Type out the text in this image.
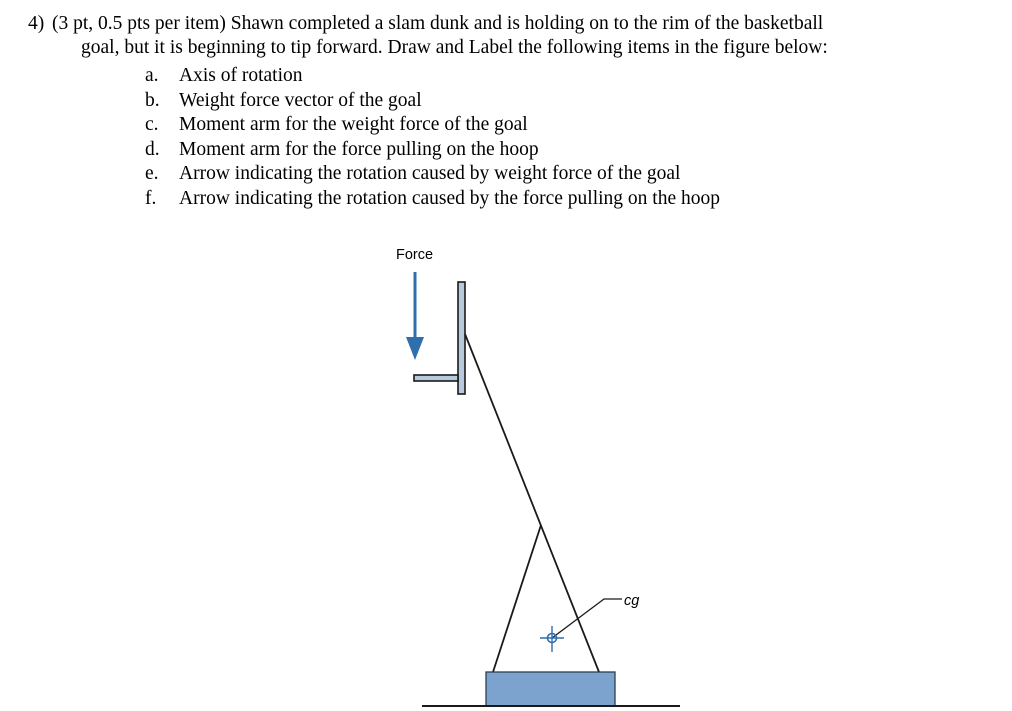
4) (3 pt, 0.5 pts per item) Shawn completed a slam dunk and is holding on to the rim of the basketball
goal, but it is beginning to tip forward. Draw and Label the following items in the figure below:
a. Axis of rotation
b. Weight force vector of the goal
c. Moment arm for the weight force of the goal
d. Moment arm for the force pulling on the hoop
e. Arrow indicating the rotation caused by weight force of the goal
f. Arrow indicating the rotation caused by the force pulling on the hoop
Force
cg
